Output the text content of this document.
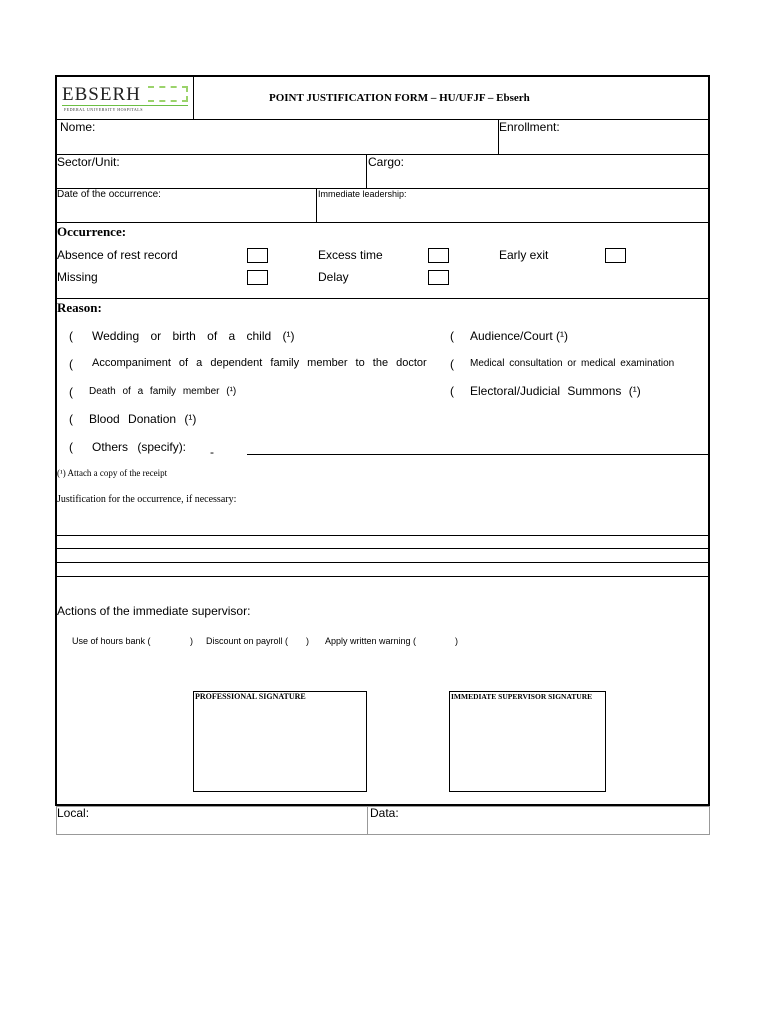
EBSERH
FEDERAL UNIVERSITY HOSPITALS
POINT JUSTIFICATION FORM – HU/UFJF – Ebserh
Nome:	Enrollment:
Sector/Unit:	Cargo:
Date of the occurrence:	Immediate leadership:
Occurrence:
Absence of rest record	Excess time	Early exit
Missing	Delay
Reason:
( Wedding or birth of a child (¹)	( Audience/Court (¹)
( Accompaniment of a dependent family member to the doctor ( Medical consultation or medical examination
( Death of a family member (¹)	( Electoral/Judicial Summons (¹)
( Blood Donation (¹)
( Others (specify): -
(¹) Attach a copy of the receipt
Justification for the occurrence, if necessary:
Actions of the immediate supervisor:
Use of hours bank (	) Discount on payroll ( ) Apply written warning (	)
PROFESSIONAL SIGNATURE	IMMEDIATE SUPERVISOR SIGNATURE
Local:	Data:
